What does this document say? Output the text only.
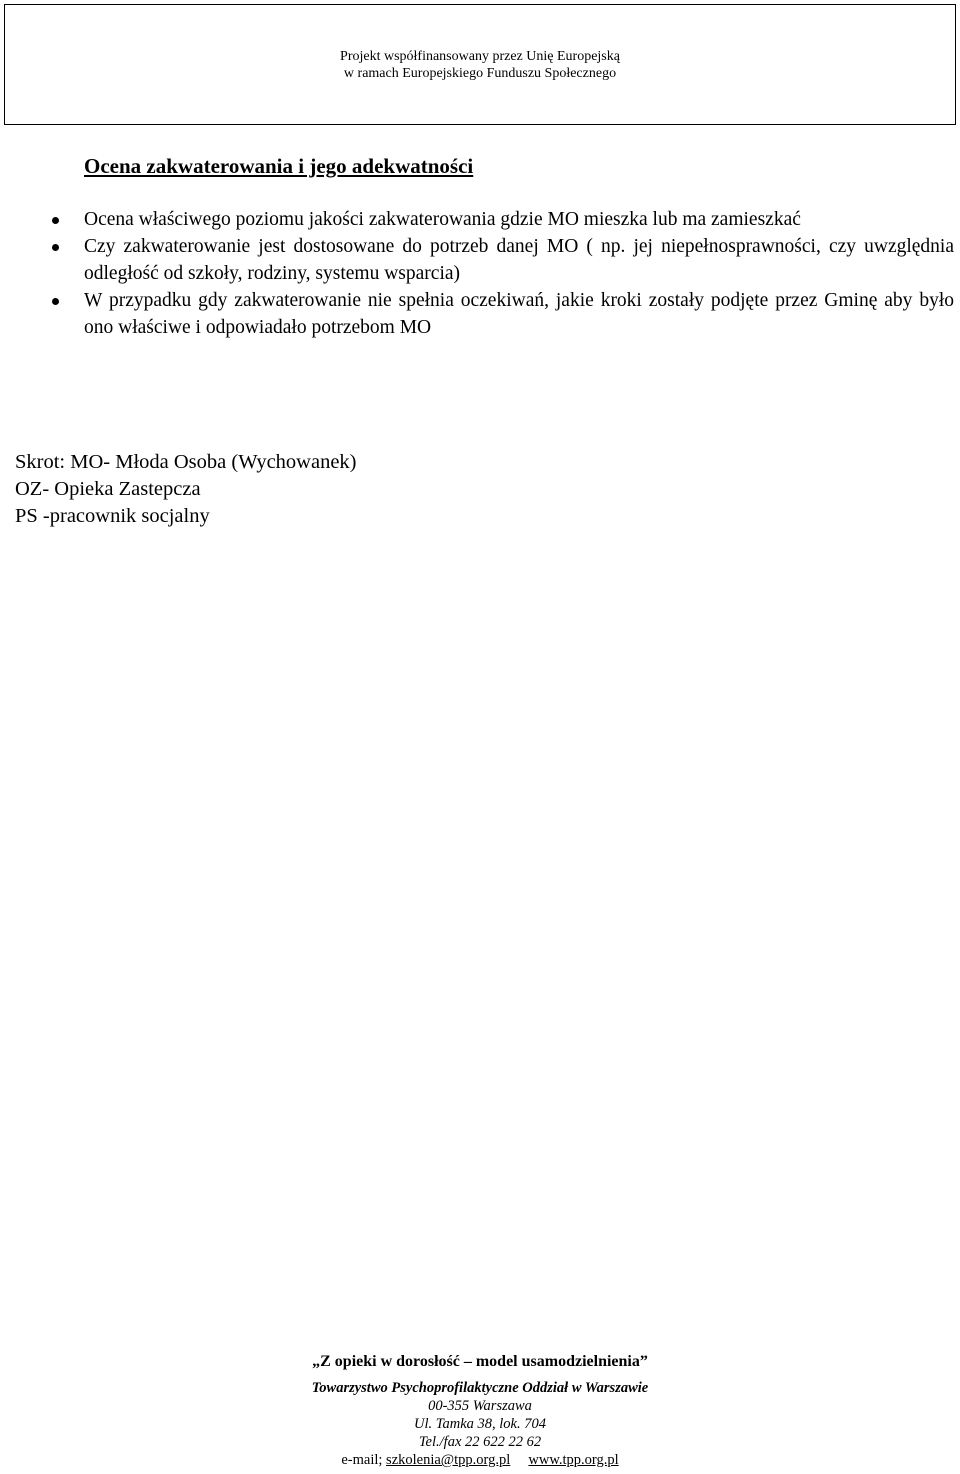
Projekt współfinansowany przez Unię Europejską
w ramach Europejskiego Funduszu Społecznego
Ocena zakwaterowania i jego adekwatności
Ocena właściwego poziomu jakości zakwaterowania gdzie MO mieszka lub ma zamieszkać
Czy zakwaterowanie jest dostosowane do potrzeb danej MO ( np. jej niepełnosprawności, czy uwzględnia odległość od szkoły, rodziny, systemu wsparcia)
W przypadku gdy zakwaterowanie nie spełnia oczekiwań, jakie kroki zostały podjęte przez Gminę aby było ono właściwe i odpowiadało potrzebom MO
Skrot: MO- Młoda Osoba (Wychowanek)
OZ- Opieka Zastepcza
PS -pracownik socjalny
„Z opieki w dorosłość – model usamodzielnienia”
Towarzystwo Psychoprofilaktyczne Oddział w Warszawie
00-355 Warszawa
Ul. Tamka 38, lok. 704
Tel./fax 22 622 22 62
e-mail; szkolenia@tpp.org.pl www.tpp.org.pl
